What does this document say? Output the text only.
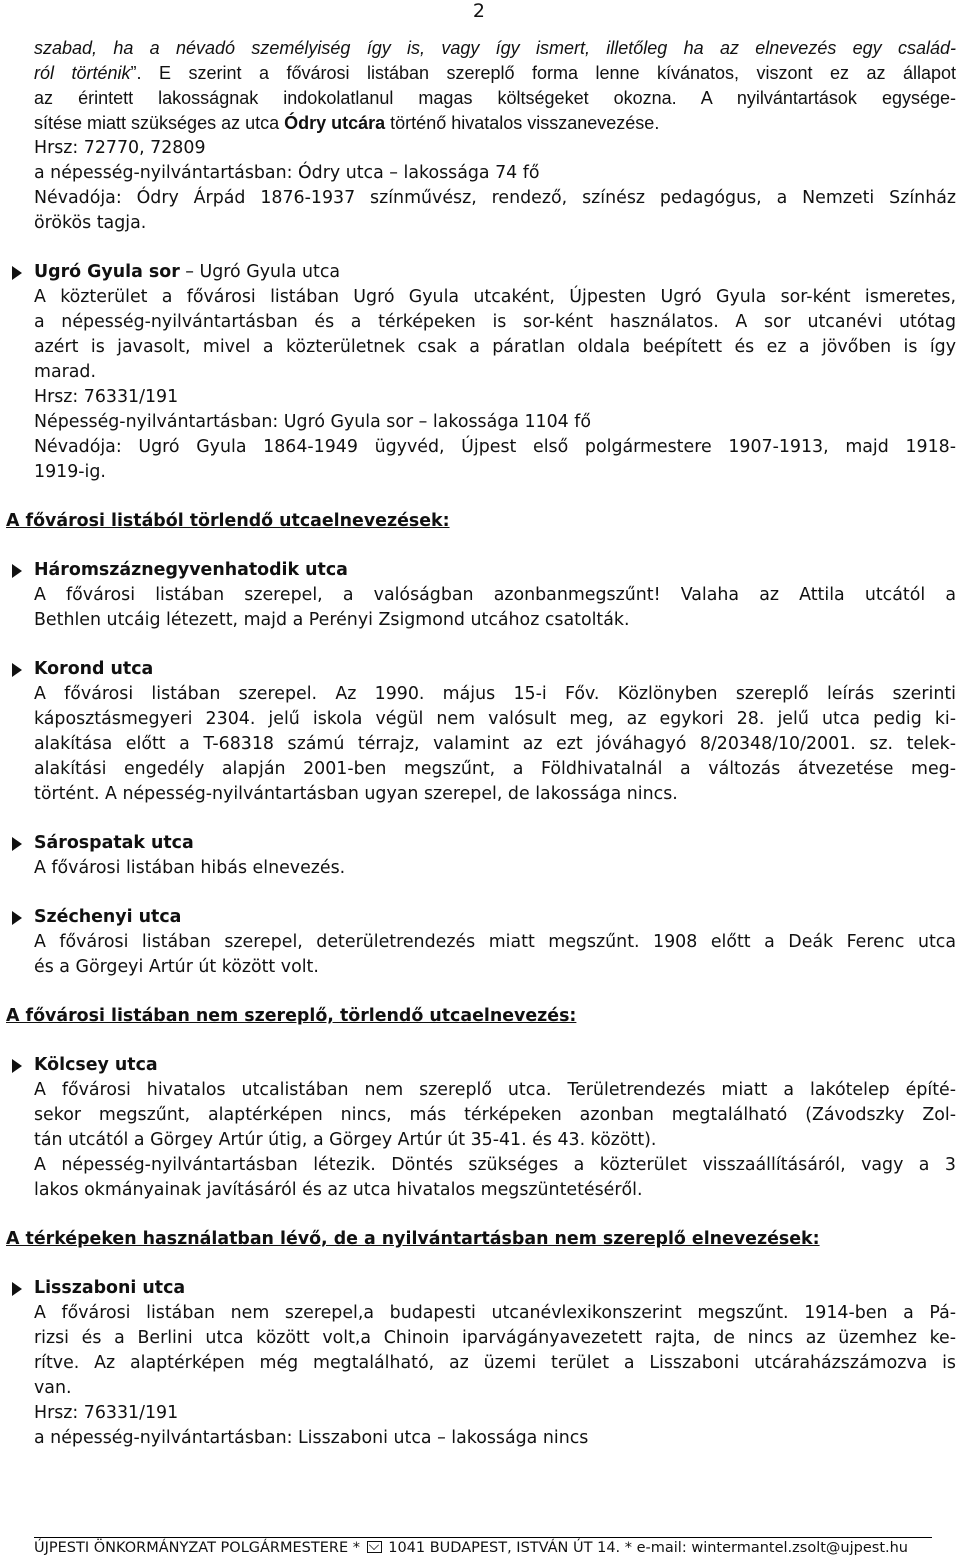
2
szabad, ha a névadó személyiség így is, vagy így ismert, illetőleg ha az elnevezés egy család-
ról történik”. E szerint a fővárosi listában szereplő forma lenne kívánatos, viszont ez az állapot
az érintett lakosságnak indokolatlanul magas költségeket okozna. A nyilvántartások egysége-
sítése miatt szükséges az utca Ódry utcára történő hivatalos visszanevezése.
Hrsz: 72770, 72809
a népesség-nyilvántartásban: Ódry utca – lakossága 74 fő
Névadója: Ódry Árpád 1876-1937 színművész, rendező, színész pedagógus, a Nemzeti Színház
örökös tagja.
Ugró Gyula sor – Ugró Gyula utca
A közterület a fővárosi listában Ugró Gyula utcaként, Újpesten Ugró Gyula sor-ként ismeretes,
a népesség-nyilvántartásban és a térképeken is sor-ként használatos. A sor utcanévi utótag
azért is javasolt, mivel a közterületnek csak a páratlan oldala beépített és ez a jövőben is így
marad.
Hrsz: 76331/191
Népesség-nyilvántartásban: Ugró Gyula sor – lakossága 1104 fő
Névadója: Ugró Gyula 1864-1949 ügyvéd, Újpest első polgármestere 1907-1913, majd 1918-
1919-ig.
A fővárosi listából törlendő utcaelnevezések:
Háromszáznegyvenhatodik utca
A fővárosi listában szerepel, a valóságban azonbanmegszűnt! Valaha az Attila utcától a
Bethlen utcáig létezett, majd a Perényi Zsigmond utcához csatolták.
Korond utca
A fővárosi listában szerepel. Az 1990. május 15-i Főv. Közlönyben szereplő leírás szerinti
káposztásmegyeri 2304. jelű iskola végül nem valósult meg, az egykori 28. jelű utca pedig ki-
alakítása előtt a T-68318 számú térrajz, valamint az ezt jóváhagyó 8/20348/10/2001. sz. telek-
alakítási engedély alapján 2001-ben megszűnt, a Földhivatalnál a változás átvezetése meg-
történt. A népesség-nyilvántartásban ugyan szerepel, de lakossága nincs.
Sárospatak utca
A fővárosi listában hibás elnevezés.
Széchenyi utca
A fővárosi listában szerepel, deterületrendezés miatt megszűnt. 1908 előtt a Deák Ferenc utca
és a Görgeyi Artúr út között volt.
A fővárosi listában nem szereplő, törlendő utcaelnevezés:
Kölcsey utca
A fővárosi hivatalos utcalistában nem szereplő utca. Területrendezés miatt a lakótelep építé-
sekor megszűnt, alaptérképen nincs, más térképeken azonban megtalálható (Závodszky Zol-
tán utcától a Görgey Artúr útig, a Görgey Artúr út 35-41. és 43. között).
A népesség-nyilvántartásban létezik. Döntés szükséges a közterület visszaállításáról, vagy a 3
lakos okmányainak javításáról és az utca hivatalos megszüntetéséről.
A térképeken használatban lévő, de a nyilvántartásban nem szereplő elnevezések:
Lisszaboni utca
A fővárosi listában nem szerepel,a budapesti utcanévlexikonszerint megszűnt. 1914-ben a Pá-
rizsi és a Berlini utca között volt,a Chinoin iparvágányavezetett rajta, de nincs az üzemhez ke-
rítve. Az alaptérképen még megtalálható, az üzemi terület a Lisszaboni utcárаházszámozva is
van.
Hrsz: 76331/191
a népesség-nyilvántartásban: Lisszaboni utca – lakossága nincs
ÚJPESTI ÖNKORMÁNYZAT POLGÁRMESTERE *  1041 BUDAPEST, ISTVÁN ÚT 14. * e-mail: wintermantel.zsolt@ujpest.hu
